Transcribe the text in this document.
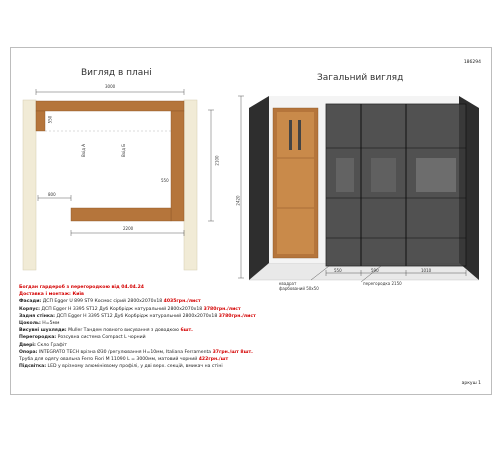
186294
Вигляд в плані
3000
550
2100
800
2200
550
Вхід А	Вхід Б
Загальний вигляд
2420
550	590	1010
перегородка 2150
квадрат фарбований 50х50
Богдан гардероб з перегородкою від 04.04.24
Доставка і монтаж: Київ
Фасади: ДСП Egger U 899 ST9 Космос сірий 2800х2070х18 4035грн./лист
Корпус: ДСП Egger H 3395 ST12 Дуб Корбрідж натуральний 2800х2070х18 3780грн./лист
Задня стінка: ДСП Egger H 3395 ST12 Дуб Корбрідж натуральний 2800х2070х18 3780грн./лист
Цоколь: Н=5мм
Висувні шухляди: Muller Тандем повного висування з доводкою 6шт.
Перегородка: Розсувна система Compact L чорний
Двері: Скло Графіт
Опора: INTEGRATO TECH врізна Ø30 /регулювання Н=10мм, Italiana Ferramenta 37грн./шт 8шт.
Труба для одягу овальна Ferro Fiori M 11090 L = 3000мм, матовий чорний 422грн./шт
Підсвітка: LED у врізному алюмінієвому профілі, у дві верх. секцій, вмикач на стіні
аркуш 1
